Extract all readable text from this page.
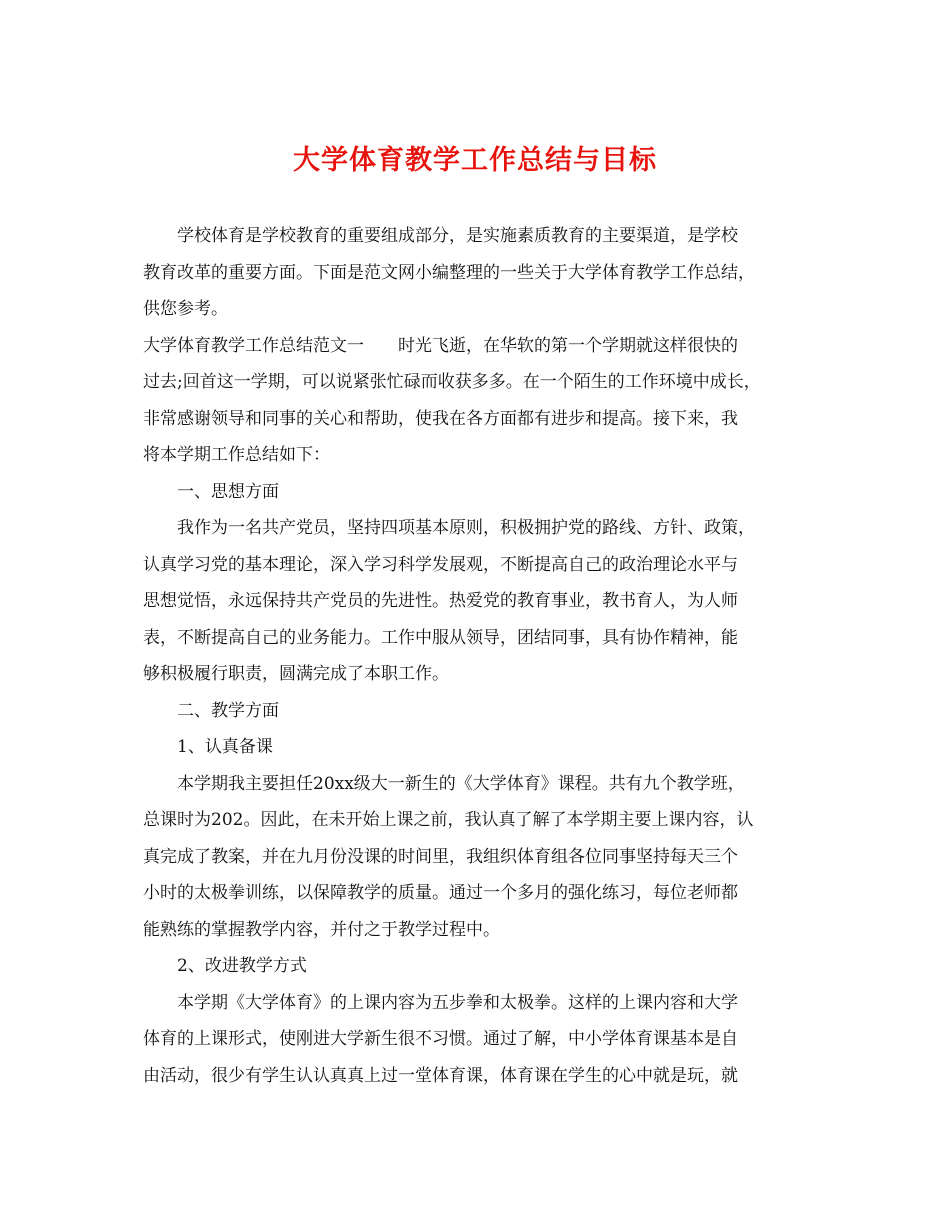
大学体育教学工作总结与目标
学校体育是学校教育的重要组成部分，是实施素质教育的主要渠道，是学校
教育改革的重要方面。下面是范文网小编整理的一些关于大学体育教学工作总结，
供您参考。
大学体育教学工作总结范文一 时光飞逝，在华软的第一个学期就这样很快的
过去;回首这一学期，可以说紧张忙碌而收获多多。在一个陌生的工作环境中成长，
非常感谢领导和同事的关心和帮助，使我在各方面都有进步和提高。接下来，我
将本学期工作总结如下：
一、思想方面
我作为一名共产党员，坚持四项基本原则，积极拥护党的路线、方针、政策，
认真学习党的基本理论，深入学习科学发展观，不断提高自己的政治理论水平与
思想觉悟，永远保持共产党员的先进性。热爱党的教育事业，教书育人，为人师
表，不断提高自己的业务能力。工作中服从领导，团结同事，具有协作精神，能
够积极履行职责，圆满完成了本职工作。
二、教学方面
1、认真备课
本学期我主要担任20xx级大一新生的《大学体育》课程。共有九个教学班，
总课时为202。因此，在未开始上课之前，我认真了解了本学期主要上课内容，认
真完成了教案，并在九月份没课的时间里，我组织体育组各位同事坚持每天三个
小时的太极拳训练，以保障教学的质量。通过一个多月的强化练习，每位老师都
能熟练的掌握教学内容，并付之于教学过程中。
2、改进教学方式
本学期《大学体育》的上课内容为五步拳和太极拳。这样的上课内容和大学
体育的上课形式，使刚进大学新生很不习惯。通过了解，中小学体育课基本是自
由活动，很少有学生认认真真上过一堂体育课，体育课在学生的心中就是玩，就
